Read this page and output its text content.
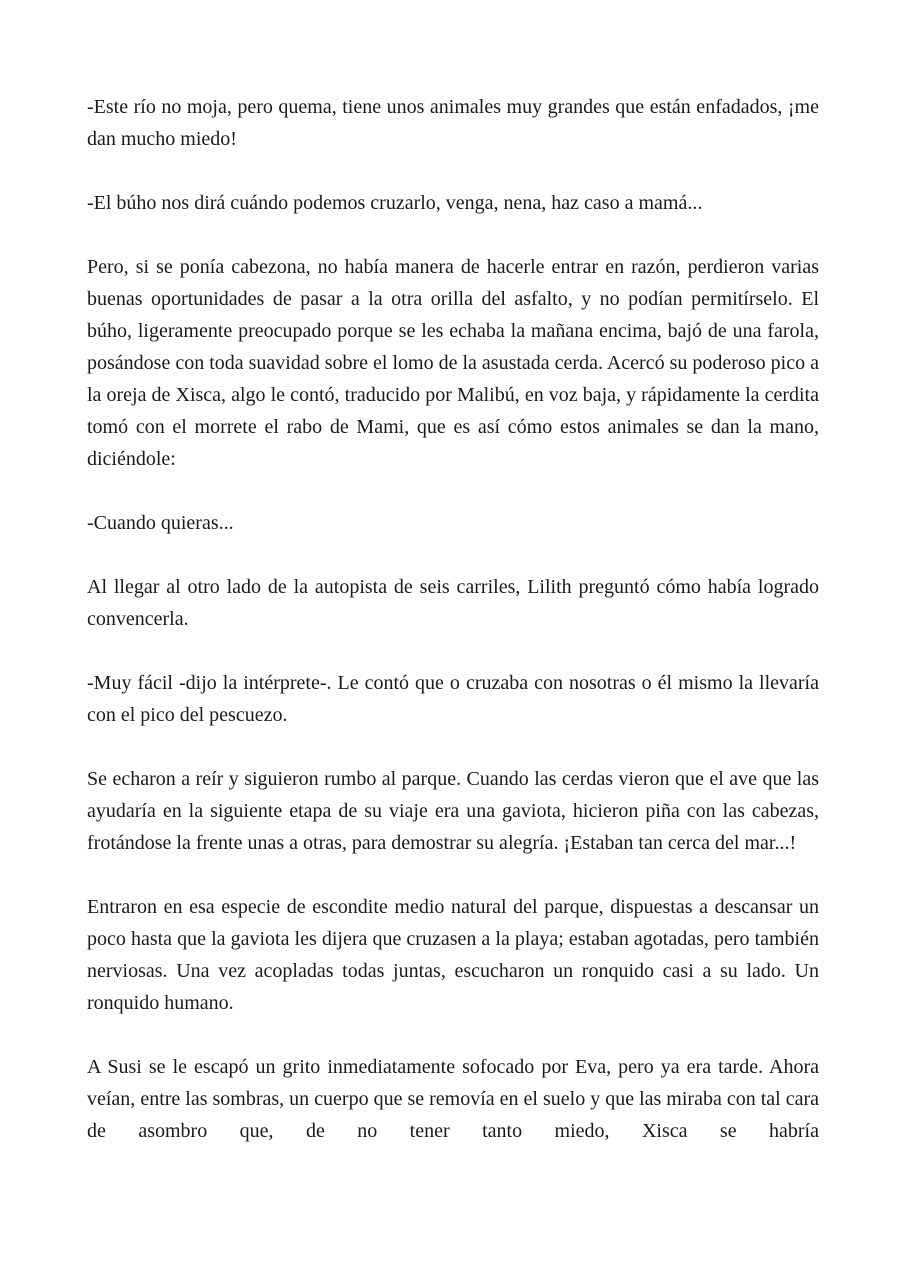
-Este río no moja, pero quema, tiene unos animales muy grandes que están enfadados, ¡me dan mucho miedo!

-El búho nos dirá cuándo podemos cruzarlo, venga, nena, haz caso a mamá...

Pero, si se ponía cabezona, no había manera de hacerle entrar en razón, perdieron varias buenas oportunidades de pasar a la otra orilla del asfalto, y no podían permitírselo. El búho, ligeramente preocupado porque se les echaba la mañana encima, bajó de una farola, posándose con toda suavidad sobre el lomo de la asustada cerda. Acercó su poderoso pico a la oreja de Xisca, algo le contó, traducido por Malibú, en voz baja, y rápidamente la cerdita tomó con el morrete el rabo de Mami, que es así cómo estos animales se dan la mano, diciéndole:

-Cuando quieras...

Al llegar al otro lado de la autopista de seis carriles, Lilith preguntó cómo había logrado convencerla.

-Muy fácil -dijo la intérprete-. Le contó que o cruzaba con nosotras o él mismo la llevaría con el pico del pescuezo.

Se echaron a reír y siguieron rumbo al parque. Cuando las cerdas vieron que el ave que las ayudaría en la siguiente etapa de su viaje era una gaviota, hicieron piña con las cabezas, frotándose la frente unas a otras, para demostrar su alegría. ¡Estaban tan cerca del mar...!

Entraron en esa especie de escondite medio natural del parque, dispuestas a descansar un poco hasta que la gaviota les dijera que cruzasen a la playa; estaban agotadas, pero también nerviosas. Una vez acopladas todas juntas, escucharon un ronquido casi a su lado. Un ronquido humano.

A Susi se le escapó un grito inmediatamente sofocado por Eva, pero ya era tarde. Ahora veían, entre las sombras, un cuerpo que se removía en el suelo y que las miraba con tal cara de asombro que, de no tener tanto miedo, Xisca se habría
